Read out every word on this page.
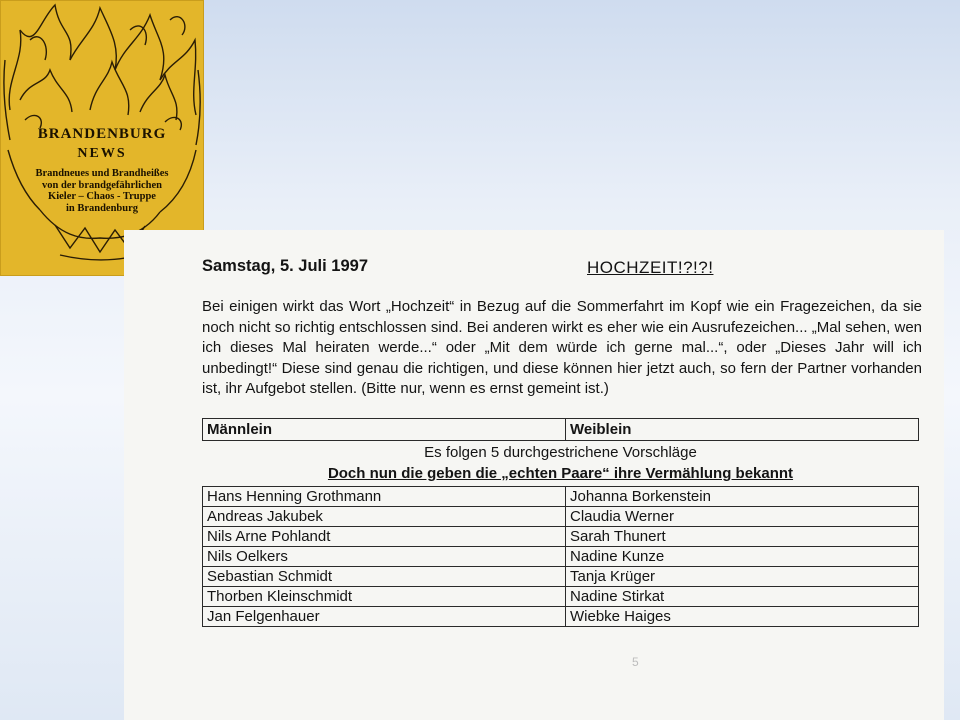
BRANDENBURG
NEWS
Brandneues und Brandheißes
von der brandgefährlichen
Kieler – Chaos - Truppe
in Brandenburg
Samstag, 5. Juli 1997	HOCHZEIT!?!?!
Bei einigen wirkt das Wort „Hochzeit“ in Bezug auf die Sommerfahrt im Kopf wie ein Fragezeichen, da sie noch nicht so richtig entschlossen sind. Bei anderen wirkt es eher wie ein Ausrufezeichen... „Mal sehen, wen ich dieses Mal heiraten werde...“ oder „Mit dem würde ich gerne mal...“, oder „Dieses Jahr will ich unbedingt!“ Diese sind genau die richtigen, und diese können hier jetzt auch, so fern der Partner vorhanden ist, ihr Aufgebot stellen. (Bitte nur, wenn es ernst gemeint ist.)
Männlein	Weiblein
Es folgen 5 durchgestrichene Vorschläge
Doch nun die geben die „echten Paare“ ihre Vermählung bekannt
Hans Henning Grothmann	Johanna Borkenstein
Andreas Jakubek	Claudia Werner
Nils Arne Pohlandt	Sarah Thunert
Nils Oelkers	Nadine Kunze
Sebastian Schmidt	Tanja Krüger
Thorben Kleinschmidt	Nadine Stirkat
Jan Felgenhauer	Wiebke Haiges
5
